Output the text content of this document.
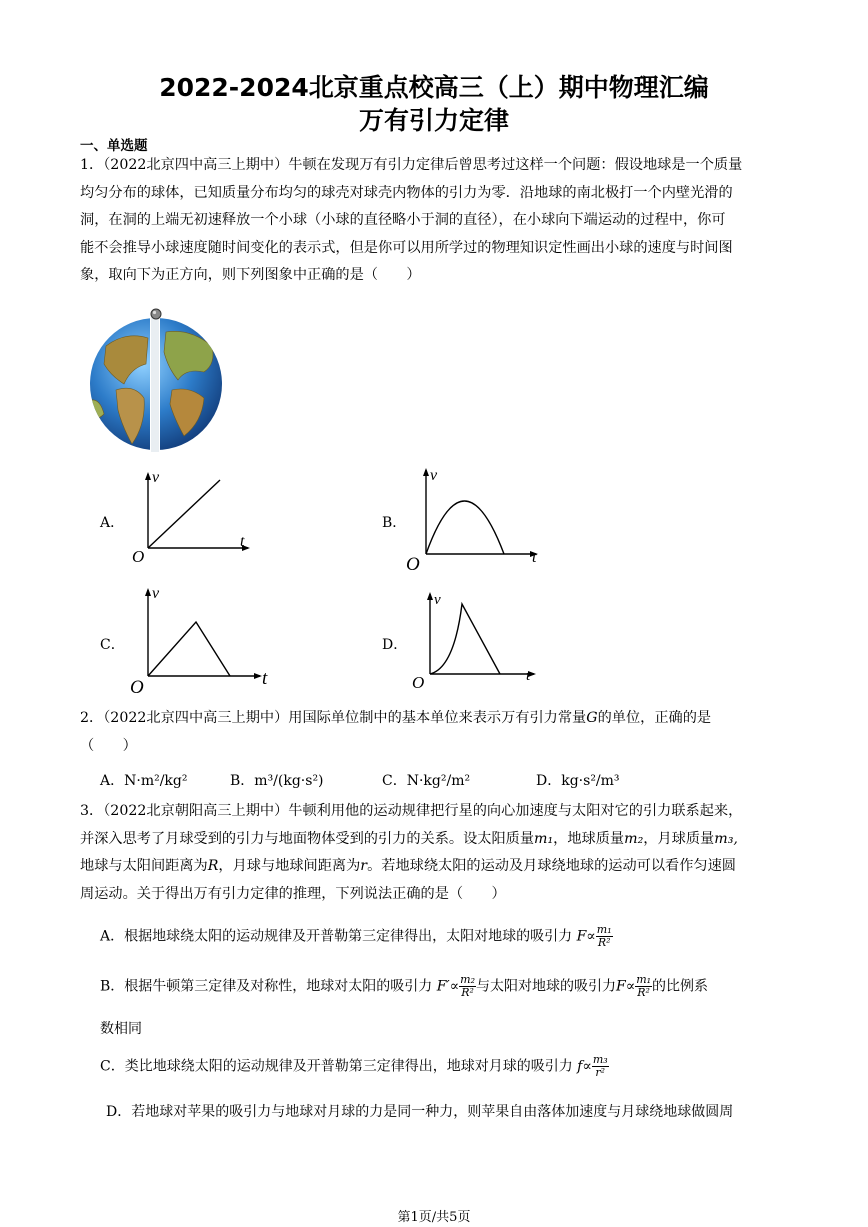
2022-2024北京重点校高三（上）期中物理汇编
万有引力定律
一、单选题
1．（2022北京四中高三上期中）牛顿在发现万有引力定律后曾思考过这样一个问题：假设地球是一个质量
均匀分布的球体，已知质量分布均匀的球壳对球壳内物体的引力为零．沿地球的南北极打一个内壁光滑的
洞，在洞的上端无初速释放一个小球（小球的直径略小于洞的直径），在小球向下端运动的过程中，你可
能不会推导小球速度随时间变化的表示式，但是你可以用所学过的物理知识定性画出小球的速度与时间图
象，取向下为正方向，则下列图象中正确的是（　　）
A．
v
t
O
B．
v
t
O
C．
v
t
O
D．
v
t
O
2．（2022北京四中高三上期中）用国际单位制中的基本单位来表示万有引力常量G的单位，正确的是
（　　）
A．N·m²/kg²	B．m³/(kg·s²)	C．N·kg²/m²	D．kg·s²/m³
3．（2022北京朝阳高三上期中）牛顿利用他的运动规律把行星的向心加速度与太阳对它的引力联系起来，
并深入思考了月球受到的引力与地面物体受到的引力的关系。设太阳质量m₁，地球质量m₂，月球质量m₃,
地球与太阳间距离为R，月球与地球间距离为r。若地球绕太阳的运动及月球绕地球的运动可以看作匀速圆
周运动。关于得出万有引力定律的推理，下列说法正确的是（　　）
A．根据地球绕太阳的运动规律及开普勒第三定律得出，太阳对地球的吸引力 $F\propto \frac{\text{m₁}}{\text{R²}}$
B．根据牛顿第三定律及对称性，地球对太阳的吸引力 $F'\propto \frac{\text{m₂}}{\text{R²}}$ 与太阳对地球的吸引力$F\propto \frac{\text{m₁}}{\text{R²}}$ 的比例系
数相同
C．类比地球绕太阳的运动规律及开普勒第三定律得出，地球对月球的吸引力 $f\propto \frac{\text{m₃}}{\text{r²}}$
D．若地球对苹果的吸引力与地球对月球的力是同一种力，则苹果自由落体加速度与月球绕地球做圆周
第1页/共5页
